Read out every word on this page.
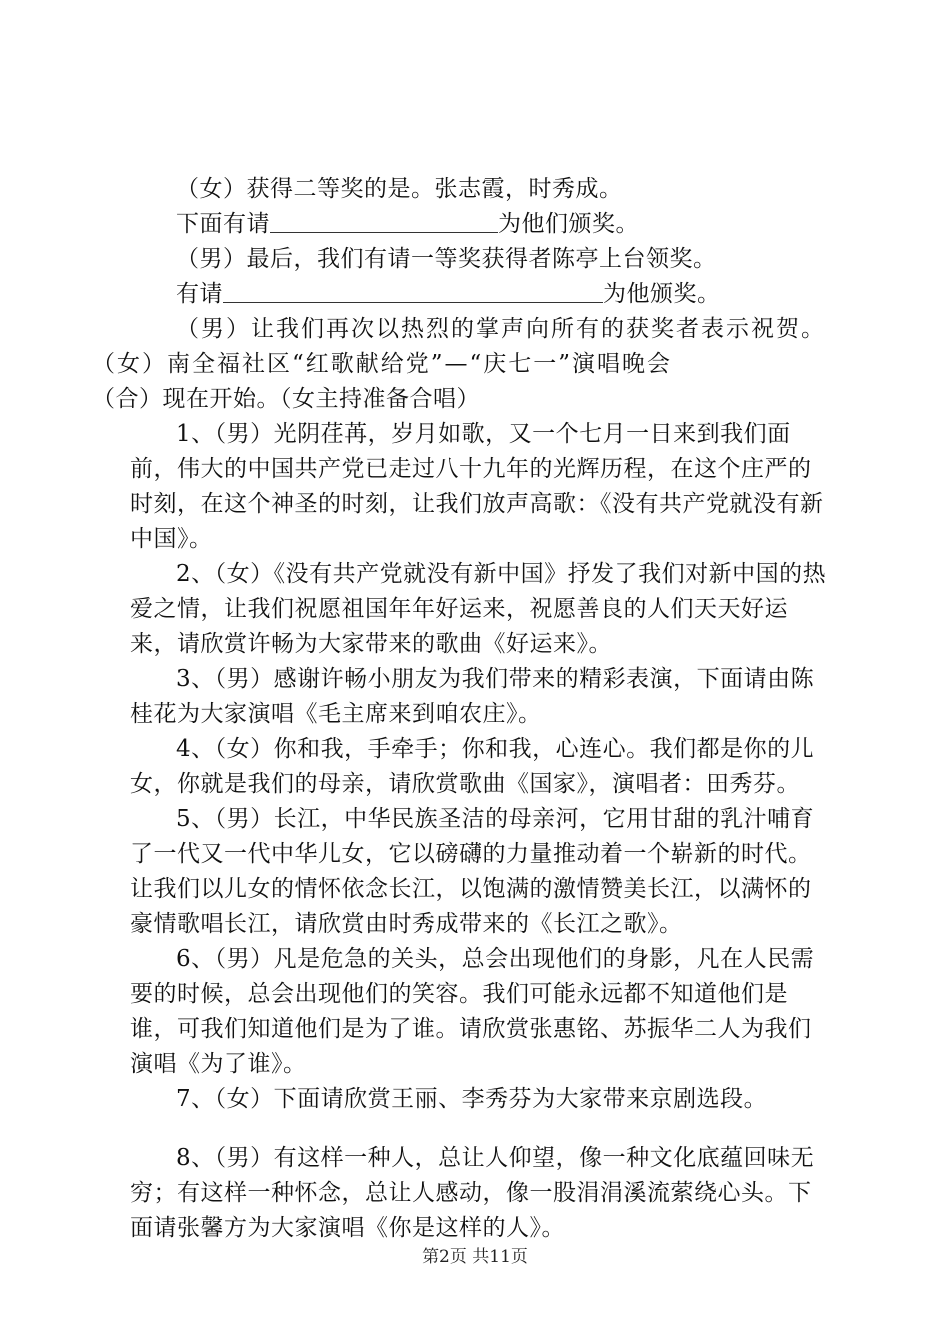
（女）获得二等奖的是。张志霞，时秀成。
下面有请	为他们颁奖。
（男）最后，我们有请一等奖获得者陈亭上台领奖。
有请	为他颁奖。
（男）让我们再次以热烈的掌声向所有的获奖者表示祝贺。
（女）南全福社区“红歌献给党”—“庆七一”演唱晚会
（合）现在开始。（女主持准备合唱）

1、（男）光阴荏苒，岁月如歌，又一个七月一日来到我们面前，伟大的中国共产党已走过八十九年的光辉历程，在这个庄严的时刻，在这个神圣的时刻，让我们放声高歌：《没有共产党就没有新中国》。

2、（女）《没有共产党就没有新中国》抒发了我们对新中国的热爱之情，让我们祝愿祖国年年好运来，祝愿善良的人们天天好运来，请欣赏许畅为大家带来的歌曲《好运来》。

3、（男）感谢许畅小朋友为我们带来的精彩表演，下面请由陈桂花为大家演唱《毛主席来到咱农庄》。

4、（女）你和我，手牵手；你和我，心连心。我们都是你的儿女，你就是我们的母亲，请欣赏歌曲《国家》，演唱者：田秀芬。

5、（男）长江，中华民族圣洁的母亲河，它用甘甜的乳汁哺育了一代又一代中华儿女，它以磅礴的力量推动着一个崭新的时代。让我们以儿女的情怀依念长江，以饱满的激情赞美长江，以满怀的豪情歌唱长江，请欣赏由时秀成带来的《长江之歌》。

6、（男）凡是危急的关头，总会出现他们的身影，凡在人民需要的时候，总会出现他们的笑容。我们可能永远都不知道他们是谁，可我们知道他们是为了谁。请欣赏张惠铭、苏振华二人为我们演唱《为了谁》。

7、（女）下面请欣赏王丽、李秀芬为大家带来京剧选段。

8、（男）有这样一种人，总让人仰望，像一种文化底蕴回味无穷；有这样一种怀念，总让人感动，像一股涓涓溪流萦绕心头。下面请张馨方为大家演唱《你是这样的人》。

第2页 共11页
